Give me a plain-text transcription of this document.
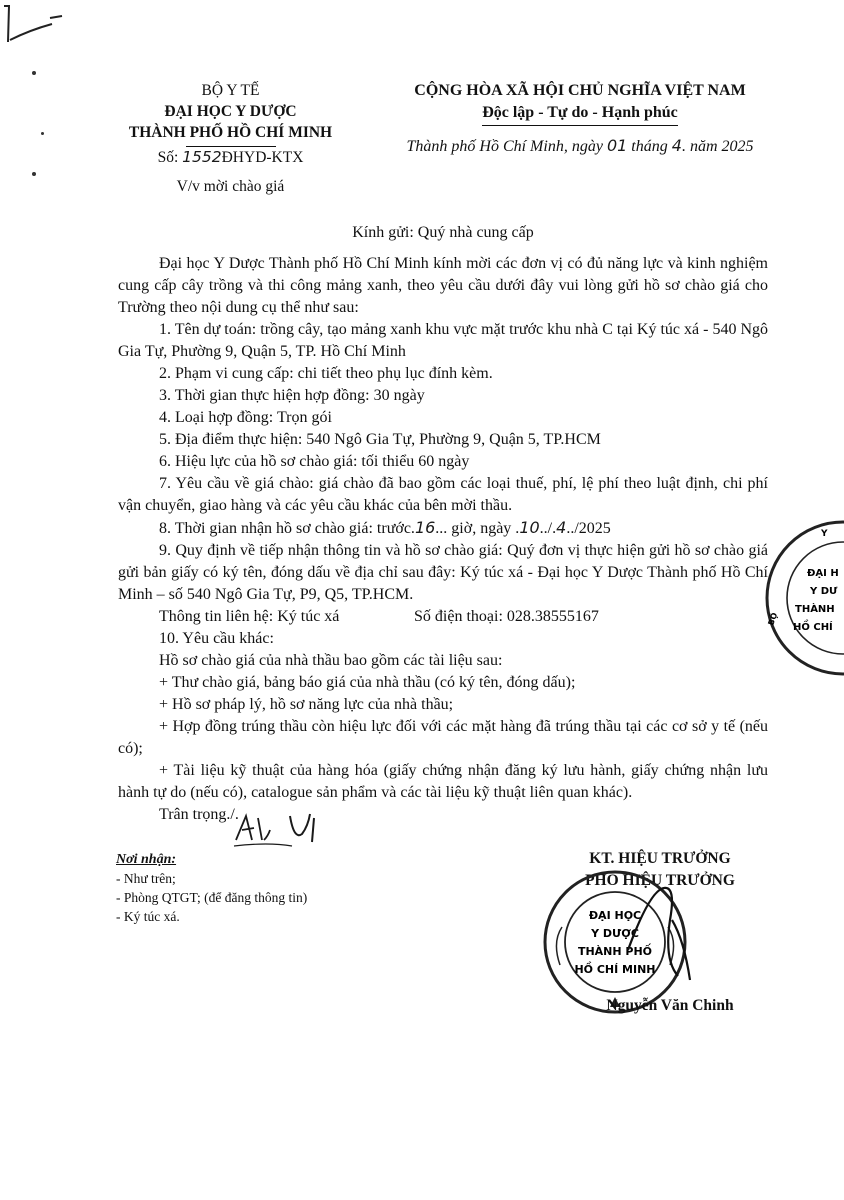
BỘ Y TẾ
ĐẠI HỌC Y DƯỢC
THÀNH PHỐ HỒ CHÍ MINH
Số: 1552ĐHYD-KTX
V/v mời chào giá
CỘNG HÒA XÃ HỘI CHỦ NGHĨA VIỆT NAM
Độc lập - Tự do - Hạnh phúc
Thành phố Hồ Chí Minh, ngày 01 tháng 4. năm 2025

Kính gửi: Quý nhà cung cấp

Đại học Y Dược Thành phố Hồ Chí Minh kính mời các đơn vị có đủ năng lực và kinh nghiệm cung cấp cây trồng và thi công mảng xanh, theo yêu cầu dưới đây vui lòng gửi hồ sơ chào giá cho Trường theo nội dung cụ thể như sau:

1. Tên dự toán: trồng cây, tạo mảng xanh khu vực mặt trước khu nhà C tại Ký túc xá - 540 Ngô Gia Tự, Phường 9, Quận 5, TP. Hồ Chí Minh

2. Phạm vi cung cấp: chi tiết theo phụ lục đính kèm.

3. Thời gian thực hiện hợp đồng: 30 ngày

4. Loại hợp đồng: Trọn gói

5. Địa điểm thực hiện: 540 Ngô Gia Tự, Phường 9, Quận 5, TP.HCM

6. Hiệu lực của hồ sơ chào giá: tối thiểu 60 ngày

7. Yêu cầu về giá chào: giá chào đã bao gồm các loại thuế, phí, lệ phí theo luật định, chi phí vận chuyển, giao hàng và các yêu cầu khác của bên mời thầu.

8. Thời gian nhận hồ sơ chào giá: trước.16... giờ, ngày .10../.4../2025

9. Quy định về tiếp nhận thông tin và hồ sơ chào giá: Quý đơn vị thực hiện gửi hồ sơ chào giá gửi bản giấy có ký tên, đóng dấu về địa chỉ sau đây: Ký túc xá - Đại học Y Dược Thành phố Hồ Chí Minh – số 540 Ngô Gia Tự, P9, Q5, TP.HCM.

Thông tin liên hệ: Ký túc xá	Số điện thoại: 028.38555167

10. Yêu cầu khác:

Hồ sơ chào giá của nhà thầu bao gồm các tài liệu sau:

+ Thư chào giá, bảng báo giá của nhà thầu (có ký tên, đóng dấu);

+ Hồ sơ pháp lý, hồ sơ năng lực của nhà thầu;

+ Hợp đồng trúng thầu còn hiệu lực đối với các mặt hàng đã trúng thầu tại các cơ sở y tế (nếu có);

+ Tài liệu kỹ thuật của hàng hóa (giấy chứng nhận đăng ký lưu hành, giấy chứng nhận lưu hành tự do (nếu có), catalogue sản phẩm và các tài liệu kỹ thuật liên quan khác).

Trân trọng./.

Nơi nhận:
- Như trên;
- Phòng QTGT; (để đăng thông tin)
- Ký túc xá.
KT. HIỆU TRƯỞNG
PHÓ HIỆU TRƯỞNG
ĐẠI HỌC
Y DƯỢC
THÀNH PHỐ
HỒ CHÍ MINH
Nguyễn Văn Chinh
ĐẠI H
Y DƯ
THÀNH
HỒ CHÍ
Y
BỘ
